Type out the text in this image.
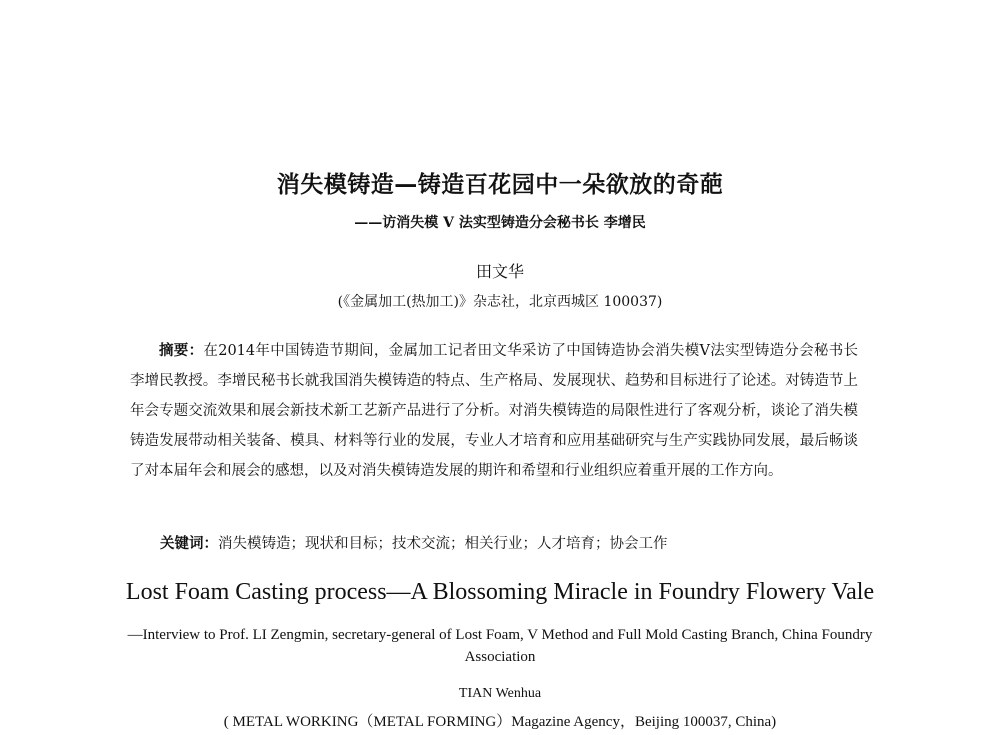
消失模铸造—铸造百花园中一朵欲放的奇葩
——访消失模 V 法实型铸造分会秘书长 李增民
田文华
(《金属加工(热加工)》杂志社，北京西城区 100037)

摘要：在2014年中国铸造节期间，金属加工记者田文华采访了中国铸造协会消失模V法实型铸造分会秘书长李增民教授。李增民秘书长就我国消失模铸造的特点、生产格局、发展现状、趋势和目标进行了论述。对铸造节上年会专题交流效果和展会新技术新工艺新产品进行了分析。对消失模铸造的局限性进行了客观分析，谈论了消失模铸造发展带动相关装备、模具、材料等行业的发展，专业人才培育和应用基础研究与生产实践协同发展，最后畅谈了对本届年会和展会的感想，以及对消失模铸造发展的期许和希望和行业组织应着重开展的工作方向。

关键词：消失模铸造；现状和目标；技术交流；相关行业；人才培育；协会工作
Lost Foam Casting process—A Blossoming Miracle in Foundry Flowery Vale
—Interview to Prof. LI Zengmin, secretary-general of Lost Foam, V Method and Full Mold Casting Branch, China Foundry Association
TIAN Wenhua
( METAL WORKING（METAL FORMING）Magazine Agency，Beijing 100037, China)
